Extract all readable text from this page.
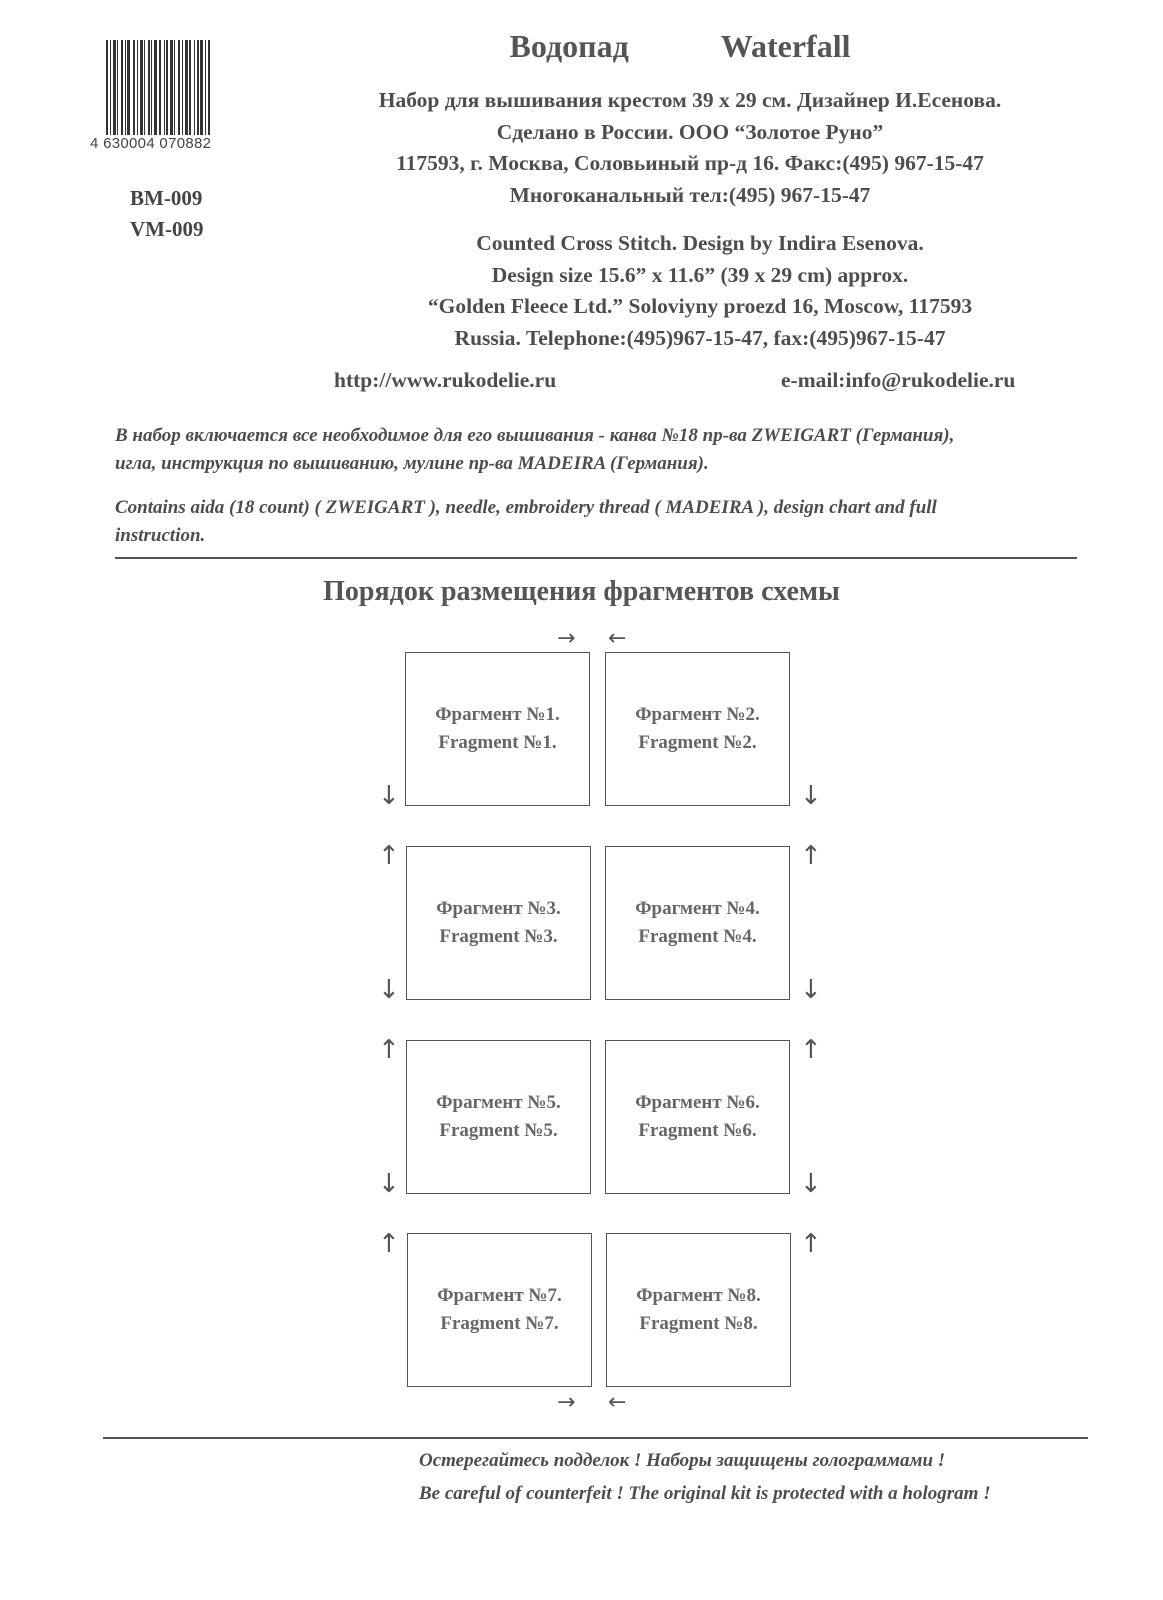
4 630004 070882
BM-009
VM-009
Водопад	Waterfall
Набор для вышивания крестом 39 х 29 см. Дизайнер И.Есенова.
Сделано в России. ООО “Золотое Руно”
117593, г. Москва, Соловьиный пр-д 16. Факс:(495) 967-15-47
Многоканальный тел:(495) 967-15-47
Counted Cross Stitch. Design by Indira Esenova.
Design size 15.6” x 11.6” (39 x 29 cm) approx.
“Golden Fleece Ltd.” Soloviyny proezd 16, Moscow, 117593
Russia. Telephone:(495)967-15-47, fax:(495)967-15-47
http://www.rukodelie.ru	e-mail:info@rukodelie.ru
В набор включается все необходимое для его вышивания - канва №18 пр-ва ZWEIGART (Германия),
игла, инструкция по вышиванию, мулине пр-ва MADEIRA (Германия).
Contains aida (18 count) ( ZWEIGART ), needle, embroidery thread ( MADEIRA ), design chart and full
instruction.
Порядок размещения фрагментов схемы
→ ←
Фрагмент №1.
Fragment №1.
Фрагмент №2.
Fragment №2.
↓	↓
↑	↑
Фрагмент №3.
Fragment №3.
Фрагмент №4.
Fragment №4.
↓	↓
↑	↑
Фрагмент №5.
Fragment №5.
Фрагмент №6.
Fragment №6.
↓	↓
↑	↑
Фрагмент №7.
Fragment №7.
Фрагмент №8.
Fragment №8.
→ ←
Остерегайтесь подделок ! Наборы защищены голограммами !
Be careful of counterfeit ! The original kit is protected with a hologram !
